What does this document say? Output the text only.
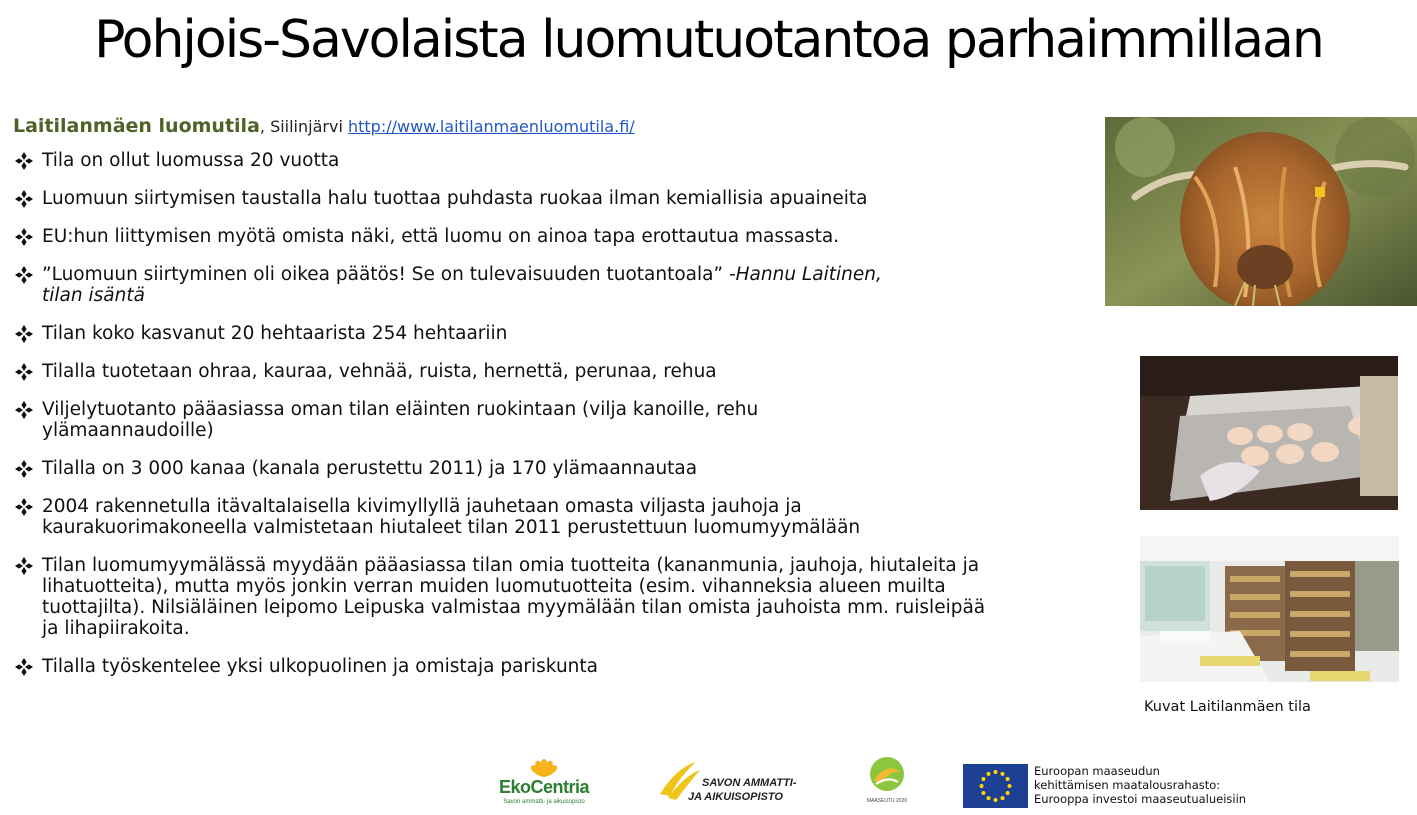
Pohjois-Savolaista luomutuotantoa parhaimmillaan
Laitilanmäen luomutila, Siilinjärvi http://www.laitilanmaenluomutila.fi/
Tila on ollut luomussa 20 vuotta
Luomuun siirtymisen taustalla halu tuottaa puhdasta ruokaa ilman kemiallisia apuaineita
EU:hun liittymisen myötä omista näki, että luomu on ainoa tapa erottautua massasta.
”Luomuun siirtyminen oli oikea päätös! Se on tulevaisuuden tuotantoala” -Hannu Laitinen, tilan isäntä
Tilan koko kasvanut 20 hehtaarista 254 hehtaariin
Tilalla tuotetaan ohraa, kauraa, vehnää, ruista, hernettä, perunaa, rehua
Viljelytuotanto pääasiassa oman tilan eläinten ruokintaan (vilja kanoille, rehu ylämaannaudoille)
Tilalla on 3 000 kanaa (kanala perustettu 2011) ja 170 ylämaannautaa
2004 rakennetulla itävaltalaisella kivimyllyllä jauhetaan omasta viljasta jauhoja ja kaurakuorimakoneella valmistetaan hiutaleet tilan 2011 perustettuun luomumyymälään
Tilan luomumyymälässä myydään pääasiassa tilan omia tuotteita (kananmunia, jauhoja, hiutaleita ja lihatuotteita), mutta myös jonkin verran muiden luomutuotteita (esim. vihanneksia alueen muilta tuottajilta). Nilsiäläinen leipomo Leipuska valmistaa myymälään tilan omista jauhoista mm. ruisleipää ja lihapiirakoita.
Tilalla työskentelee yksi ulkopuolinen ja omistaja pariskunta
Kuvat Laitilanmäen tila
EkoCentria
Savon ammatti- ja aikuisopisto
SAVON AMMATTI-
JA AIKUISOPISTO	MAASEUTU 2020
Euroopan maaseudun
kehittämisen maatalousrahasto:
Eurooppa investoi maaseutualueisiin
